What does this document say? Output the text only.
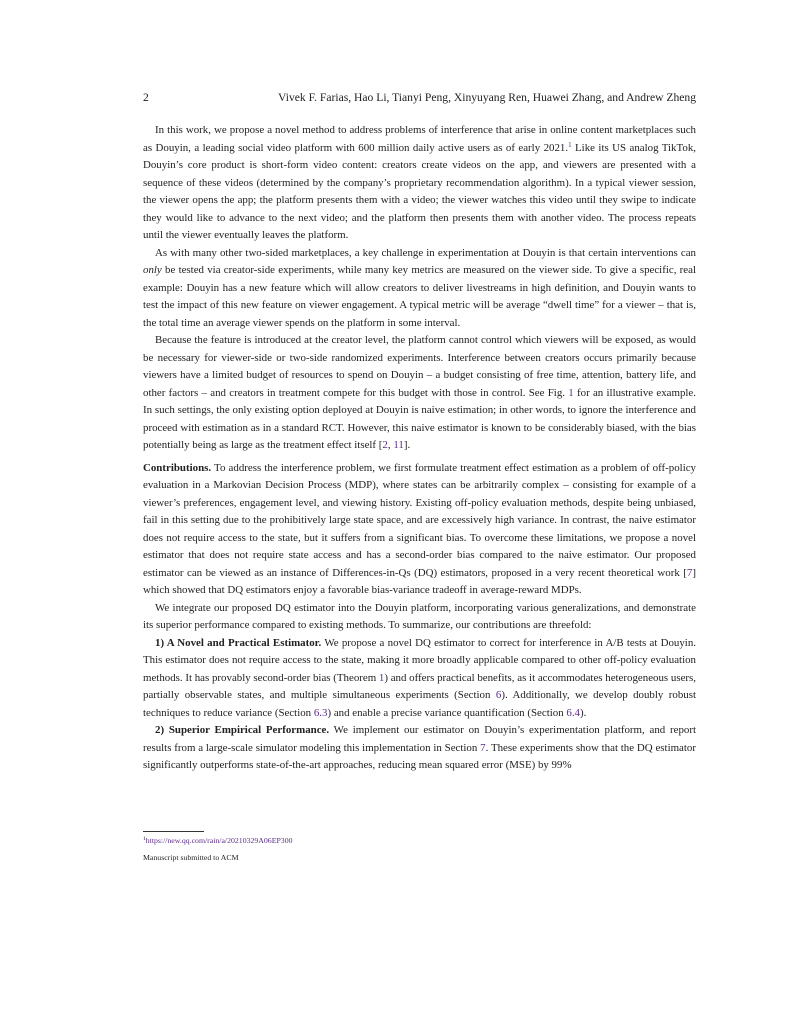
2	Vivek F. Farias, Hao Li, Tianyi Peng, Xinyuyang Ren, Huawei Zhang, and Andrew Zheng

In this work, we propose a novel method to address problems of interference that arise in online content marketplaces such as Douyin, a leading social video platform with 600 million daily active users as of early 2021.$^1$ Like its US analog TikTok, Douyin’s core product is short-form video content: creators create videos on the app, and viewers are presented with a sequence of these videos (determined by the company’s proprietary recommendation algorithm). In a typical viewer session, the viewer opens the app; the platform presents them with a video; the viewer watches this video until they swipe to indicate they would like to advance to the next video; and the platform then presents them with another video. The process repeats until the viewer eventually leaves the platform.

As with many other two-sided marketplaces, a key challenge in experimentation at Douyin is that certain interventions can only be tested via creator-side experiments, while many key metrics are measured on the viewer side. To give a specific, real example: Douyin has a new feature which will allow creators to deliver livestreams in high definition, and Douyin wants to test the impact of this new feature on viewer engagement. A typical metric will be average “dwell time” for a viewer – that is, the total time an average viewer spends on the platform in some interval.

Because the feature is introduced at the creator level, the platform cannot control which viewers will be exposed, as would be necessary for viewer-side or two-side randomized experiments. Interference between creators occurs primarily because viewers have a limited budget of resources to spend on Douyin – a budget consisting of free time, attention, battery life, and other factors – and creators in treatment compete for this budget with those in control. See Fig. 1 for an illustrative example. In such settings, the only existing option deployed at Douyin is naive estimation; in other words, to ignore the interference and proceed with estimation as in a standard RCT. However, this naive estimator is known to be considerably biased, with the bias potentially being as large as the treatment effect itself [2, 11].

Contributions. To address the interference problem, we first formulate treatment effect estimation as a problem of off-policy evaluation in a Markovian Decision Process (MDP), where states can be arbitrarily complex – consisting for example of a viewer’s preferences, engagement level, and viewing history. Existing off-policy evaluation methods, despite being unbiased, fail in this setting due to the prohibitively large state space, and are excessively high variance. In contrast, the naive estimator does not require access to the state, but it suffers from a significant bias. To overcome these limitations, we propose a novel estimator that does not require state access and has a second-order bias compared to the naive estimator. Our proposed estimator can be viewed as an instance of Differences-in-Qs (DQ) estimators, proposed in a very recent theoretical work [7] which showed that DQ estimators enjoy a favorable bias-variance tradeoff in average-reward MDPs.

We integrate our proposed DQ estimator into the Douyin platform, incorporating various generalizations, and demonstrate its superior performance compared to existing methods. To summarize, our contributions are threefold:

1) A Novel and Practical Estimator. We propose a novel DQ estimator to correct for interference in A/B tests at Douyin. This estimator does not require access to the state, making it more broadly applicable compared to other off-policy evaluation methods. It has provably second-order bias (Theorem 1) and offers practical benefits, as it accommodates heterogeneous users, partially observable states, and multiple simultaneous experiments (Section 6). Additionally, we develop doubly robust techniques to reduce variance (Section 6.3) and enable a precise variance quantification (Section 6.4).

2) Superior Empirical Performance. We implement our estimator on Douyin’s experimentation platform, and report results from a large-scale simulator modeling this implementation in Section 7. These experiments show that the DQ estimator significantly outperforms state-of-the-art approaches, reducing mean squared error (MSE) by 99%

$^1$https://new.qq.com/rain/a/20210329A06EP300
Manuscript submitted to ACM
